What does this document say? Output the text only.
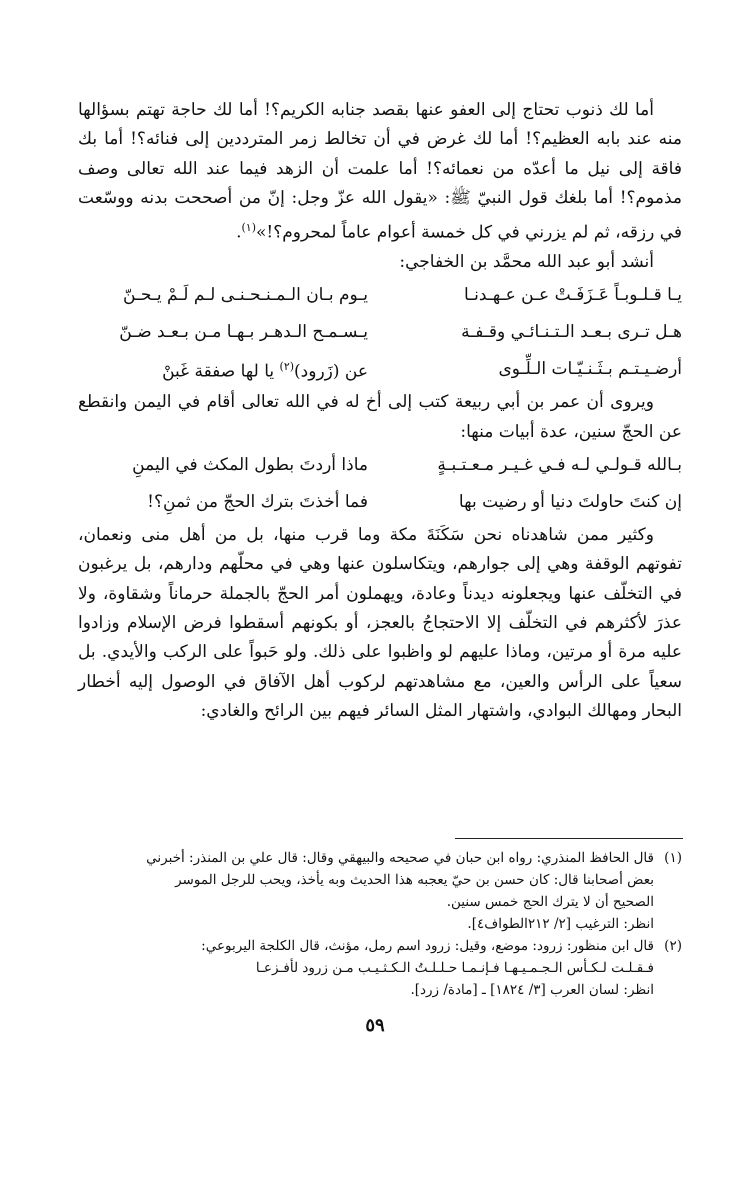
أما لك ذنوب تحتاج إلى العفو عنها بقصد جنابه الكريم؟! أما لك حاجة تهتم بسؤالها منه عند بابه العظيم؟! أما لك غرض في أن تخالط زمر المترددين إلى فنائه؟! أما بك فاقة إلى نيل ما أعدّه من نعمائه؟! أما علمت أن الزهد فيما عند الله تعالى وصف مذموم؟! أما بلغك قول النبيّ ﷺ: «يقول الله عزّ وجل: إنّ من أصححت بدنه ووسّعت في رزقه، ثم لم يزرني في كل خمسة أعوام عاماً لمحروم؟!»$^{(١)}$.

أنشد أبو عبد الله محمَّد بن الخفاجي:

يـا قـلـوبـاً عَـزَفَـتْ عـن عـهـدنـا
يـوم بـان الـمـنـحـنـى لـم لَـمْ يـحـنّ
هـل تـرى بـعـد الـتـنـائـي وقـفـة
يـسـمـح الـدهـر بـهـا مـن بـعـد ضـنّ
أرضـيـتـم بـثَـنـيّـات الـلِّـوى
عن (زَرود)$^{(٢)}$ يا لها صفقة غَبنْ

ويروى أن عمر بن أبي ربيعة كتب إلى أخ له في الله تعالى أقام في اليمن وانقطع عن الحجّ سنين، عدة أبيات منها:

بـالله قـولـي لـه فـي غـيـر مـعـتـبـةٍ
ماذا أردتَ بطول المكث في اليمنِ
إن كنتَ حاولتَ دنيا أو رضيت بها
فما أخذتَ بترك الحجّ من ثمنِ؟!

وكثير ممن شاهدناه نحن سَكَنَةَ مكة وما قرب منها، بل من أهل منى ونعمان، تفوتهم الوقفة وهي إلى جوارهم، ويتكاسلون عنها وهي في محلّهم ودارهم، بل يرغبون في التخلّف عنها ويجعلونه ديدناً وعادة، ويهملون أمر الحجّ بالجملة حرماناً وشقاوة، ولا عذرَ لأكثرهم في التخلّف إلا الاحتجاجُ بالعجز، أو بكونهم أسقطوا فرض الإسلام وزادوا عليه مرة أو مرتين، وماذا عليهم لو واظبوا على ذلك. ولو حَبواً على الركب والأيدي. بل سعياً على الرأس والعين، مع مشاهدتهم لركوب أهل الآفاق في الوصول إليه أخطار البحار ومهالك البوادي، واشتهار المثل السائر فيهم بين الرائح والغادي:

(١)
قال الحافظ المنذري: رواه ابن حبان في صحيحه والبيهقي وقال: قال علي بن المنذر: أخبرني
بعض أصحابنا قال: كان حسن بن حيّ يعجبه هذا الحديث وبه يأخذ، ويحب للرجل الموسر
الصحيح أن لا يترك الحج خمس سنين.
انظر: الترغيب [٢/ ٢١٢الطواف٤].
(٢)
قال ابن منظور: زرود: موضع، وقيل: زرود اسم رمل، مؤنث، قال الكلجة اليربوعي:
فـقـلـت لـكـأس الـجـمـيـهـا فـإنـمـا حـلـلـتُ الـكـثـيـب مـن زرود لأفـزعـا
انظر: لسان العرب [٣/ ١٨٢٤] ـ [مادة/ زرد].
٥٩
